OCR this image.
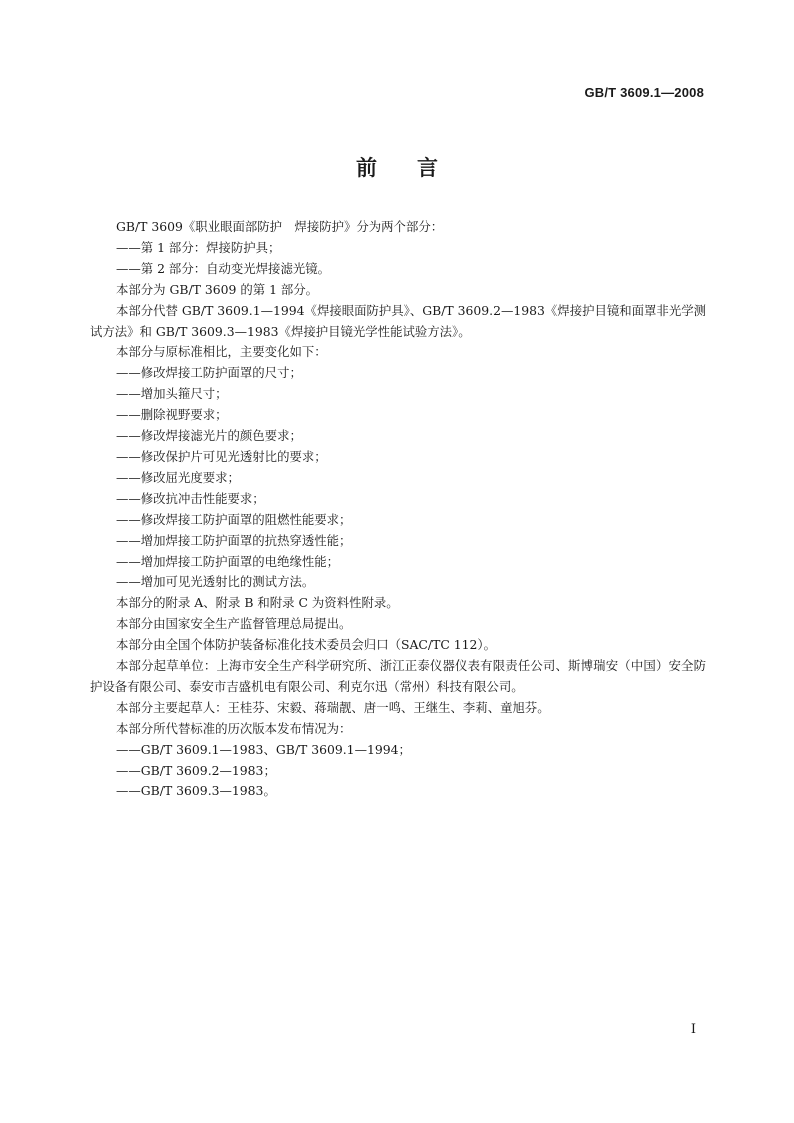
GB/T 3609.1—2008
前言

GB/T 3609《职业眼面部防护　焊接防护》分为两个部分：

——第 1 部分：焊接防护具；

——第 2 部分：自动变光焊接滤光镜。

本部分为 GB/T 3609 的第 1 部分。

本部分代替 GB/T 3609.1—1994《焊接眼面防护具》、GB/T 3609.2—1983《焊接护目镜和面罩非光学测试方法》和 GB/T 3609.3—1983《焊接护目镜光学性能试验方法》。

本部分与原标准相比，主要变化如下：

——修改焊接工防护面罩的尺寸；

——增加头箍尺寸；

——删除视野要求；

——修改焊接滤光片的颜色要求；

——修改保护片可见光透射比的要求；

——修改屈光度要求；

——修改抗冲击性能要求；

——修改焊接工防护面罩的阻燃性能要求；

——增加焊接工防护面罩的抗热穿透性能；

——增加焊接工防护面罩的电绝缘性能；

——增加可见光透射比的测试方法。

本部分的附录 A、附录 B 和附录 C 为资料性附录。

本部分由国家安全生产监督管理总局提出。

本部分由全国个体防护装备标准化技术委员会归口（SAC/TC 112）。

本部分起草单位：上海市安全生产科学研究所、浙江正泰仪器仪表有限责任公司、斯博瑞安（中国）安全防护设备有限公司、泰安市吉盛机电有限公司、利克尔迅（常州）科技有限公司。

本部分主要起草人：王桂芬、宋毅、蒋瑞靓、唐一鸣、王继生、李莉、童旭芬。

本部分所代替标准的历次版本发布情况为：

——GB/T 3609.1—1983、GB/T 3609.1—1994；

——GB/T 3609.2—1983；

——GB/T 3609.3—1983。

I
